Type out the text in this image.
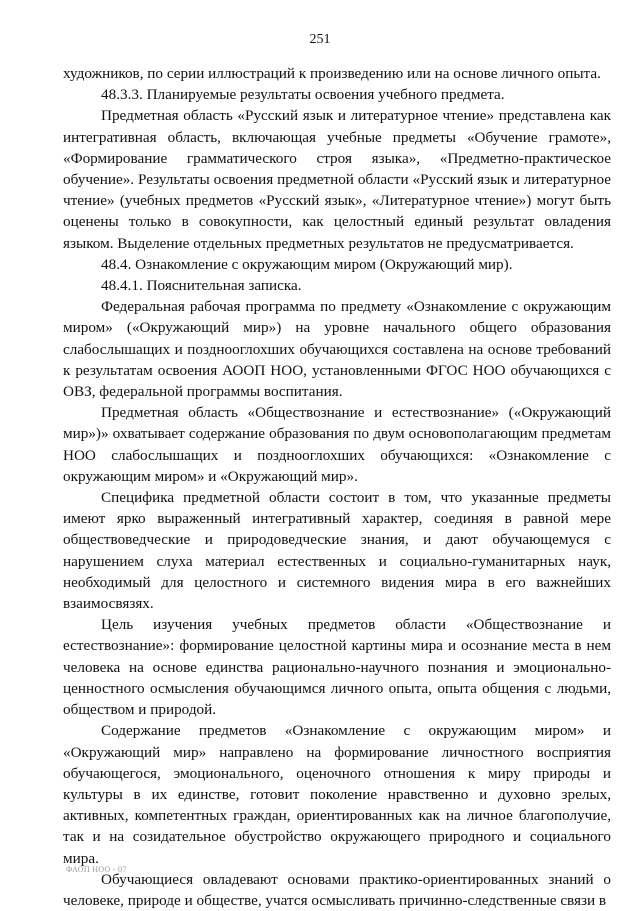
251

художников, по серии иллюстраций к произведению или на основе личного опыта.

48.3.3. Планируемые результаты освоения учебного предмета.

Предметная область «Русский язык и литературное чтение» представлена как интегративная область, включающая учебные предметы «Обучение грамоте», «Формирование грамматического строя языка», «Предметно-практическое обучение». Результаты освоения предметной области «Русский язык и литературное чтение» (учебных предметов «Русский язык», «Литературное чтение») могут быть оценены только в совокупности, как целостный единый результат овладения языком. Выделение отдельных предметных результатов не предусматривается.

48.4. Ознакомление с окружающим миром (Окружающий мир).

48.4.1. Пояснительная записка.

Федеральная рабочая программа по предмету «Ознакомление с окружающим миром» («Окружающий мир») на уровне начального общего образования слабослышащих и позднооглохших обучающихся составлена на основе требований к результатам освоения АООП НОО, установленными ФГОС НОО обучающихся с ОВЗ, федеральной программы воспитания.

Предметная область «Обществознание и естествознание» («Окружающий мир»)» охватывает содержание образования по двум основополагающим предметам НОО слабослышащих и позднооглохших обучающихся: «Ознакомление с окружающим миром» и «Окружающий мир».

Специфика предметной области состоит в том, что указанные предметы имеют ярко выраженный интегративный характер, соединяя в равной мере обществоведческие и природоведческие знания, и дают обучающемуся с нарушением слуха материал естественных и социально-гуманитарных наук, необходимый для целостного и системного видения мира в его важнейших взаимосвязях.

Цель изучения учебных предметов области «Обществознание и естествознание»: формирование целостной картины мира и осознание места в нем человека на основе единства рационально-научного познания и эмоционально-ценностного осмысления обучающимся личного опыта, опыта общения с людьми, обществом и природой.

Содержание предметов «Ознакомление с окружающим миром» и «Окружающий мир» направлено на формирование личностного восприятия обучающегося, эмоционального, оценочного отношения к миру природы и культуры в их единстве, готовит поколение нравственно и духовно зрелых, активных, компетентных граждан, ориентированных как на личное благополучие, так и на созидательное обустройство окружающего природного и социального мира.

Обучающиеся овладевают основами практико-ориентированных знаний о человеке, природе и обществе, учатся осмысливать причинно-следственные связи в

ФАОП НОО - 07
